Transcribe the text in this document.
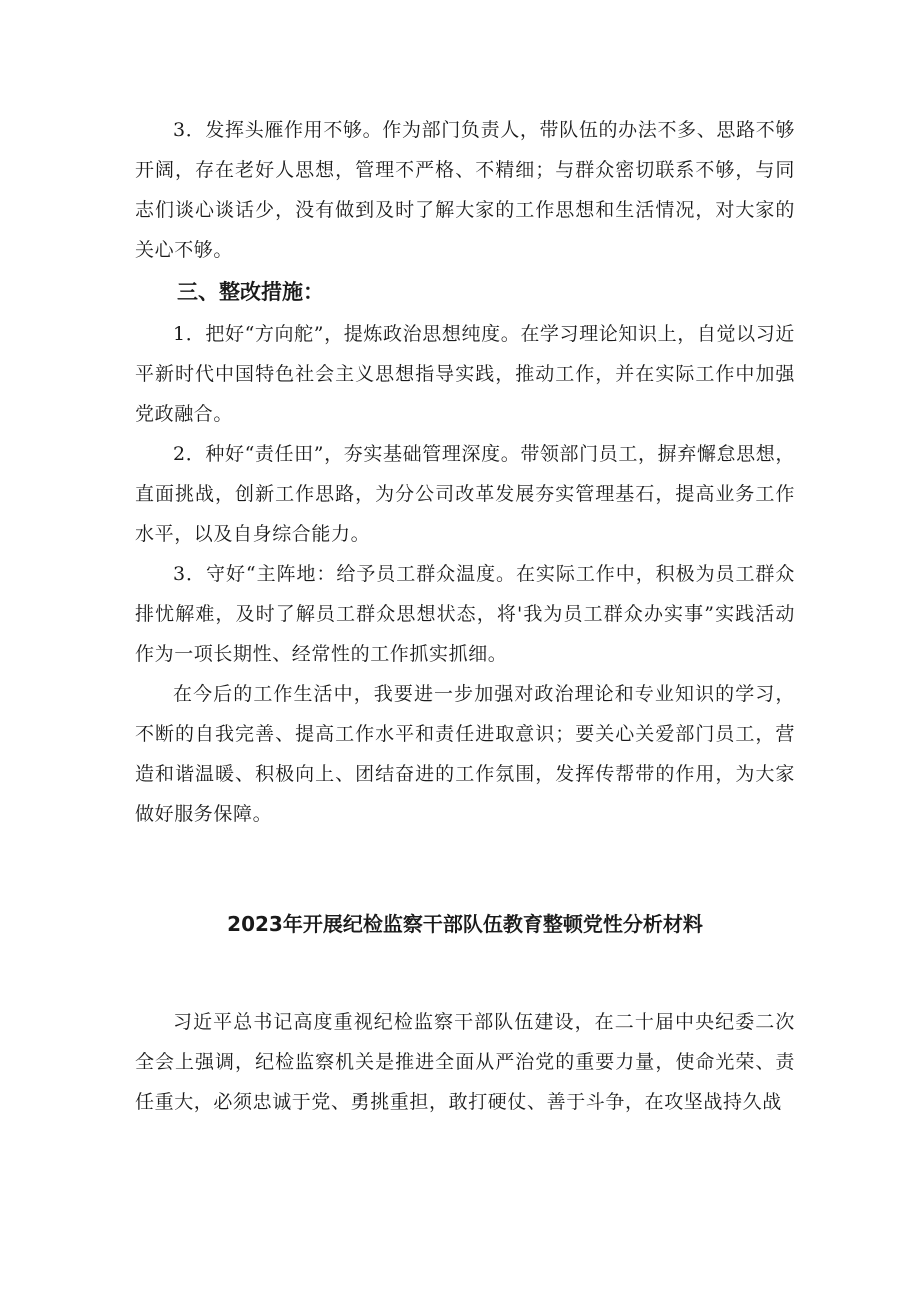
3．发挥头雁作用不够。作为部门负责人，带队伍的办法不多、思路不够开阔，存在老好人思想，管理不严格、不精细；与群众密切联系不够，与同志们谈心谈话少，没有做到及时了解大家的工作思想和生活情况，对大家的关心不够。

三、整改措施：

1．把好“方向舵”，提炼政治思想纯度。在学习理论知识上，自觉以习近平新时代中国特色社会主义思想指导实践，推动工作，并在实际工作中加强党政融合。

2．种好“责任田”，夯实基础管理深度。带领部门员工，摒弃懈怠思想，直面挑战，创新工作思路，为分公司改革发展夯实管理基石，提高业务工作水平，以及自身综合能力。

3．守好“主阵地：给予员工群众温度。在实际工作中，积极为员工群众排忧解难，及时了解员工群众思想状态，将'我为员工群众办实事”实践活动作为一项长期性、经常性的工作抓实抓细。

在今后的工作生活中，我要进一步加强对政治理论和专业知识的学习，不断的自我完善、提高工作水平和责任进取意识；要关心关爱部门员工，营造和谐温暖、积极向上、团结奋进的工作氛围，发挥传帮带的作用，为大家做好服务保障。

2023年开展纪检监察干部队伍教育整顿党性分析材料

习近平总书记高度重视纪检监察干部队伍建设，在二十届中央纪委二次全会上强调，纪检监察机关是推进全面从严治党的重要力量，使命光荣、责任重大，必须忠诚于党、勇挑重担，敢打硬仗、善于斗争，在攻坚战持久战
